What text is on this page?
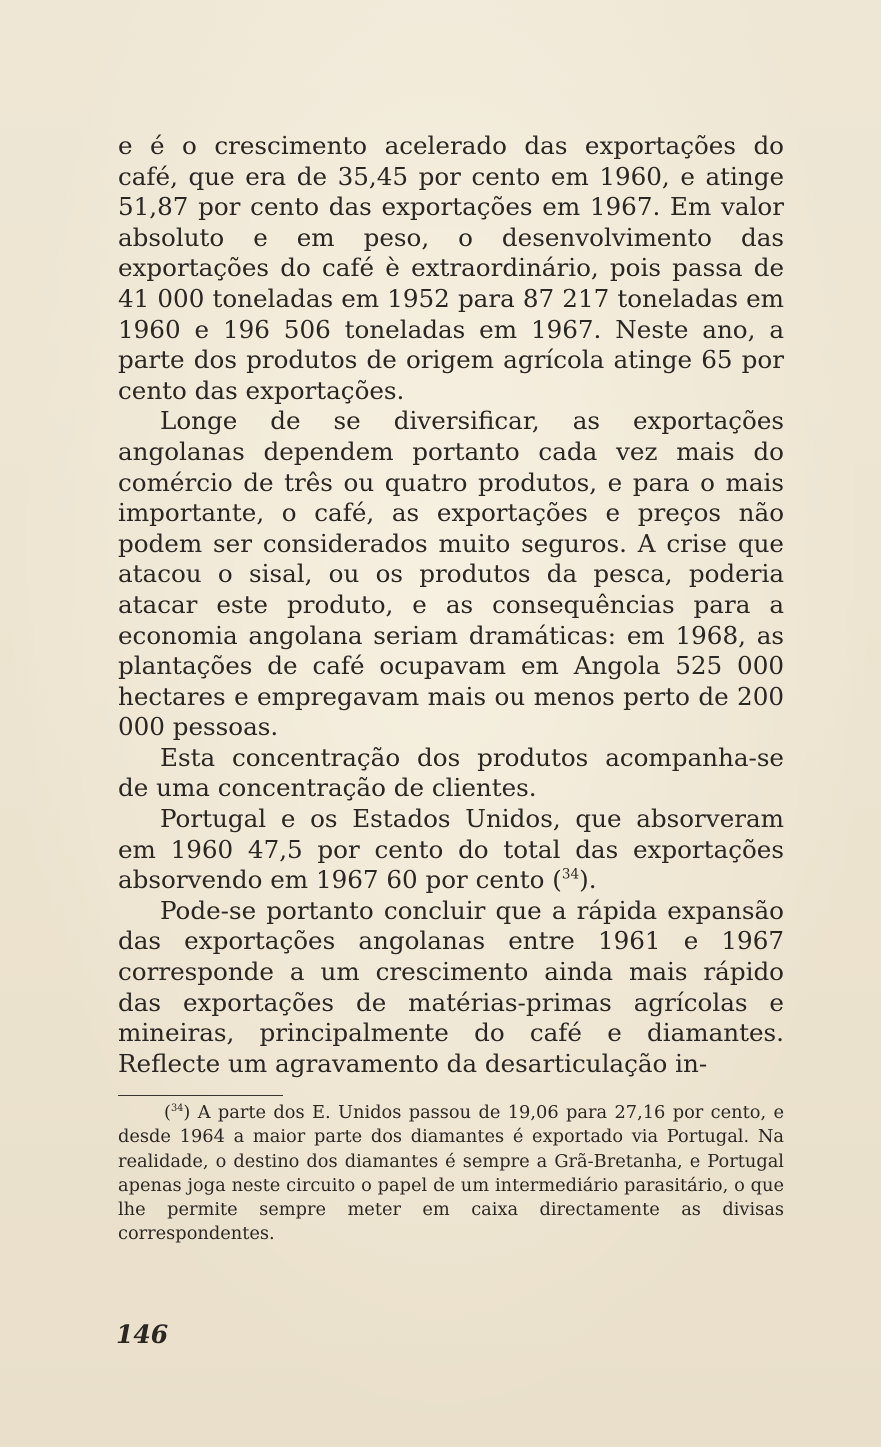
e é o crescimento acelerado das exportações do café, que era de 35,45 por cento em 1960, e atinge 51,87 por cento das exportações em 1967. Em valor absoluto e em peso, o desenvolvimento das exportações do café è extraordinário, pois passa de 41 000 toneladas em 1952 para 87 217 toneladas em 1960 e 196 506 toneladas em 1967. Neste ano, a parte dos produtos de origem agrícola atinge 65 por cento das exportações.

Longe de se diversificar, as exportações angolanas dependem portanto cada vez mais do comércio de três ou quatro produtos, e para o mais importante, o café, as exportações e preços não podem ser considerados muito seguros. A crise que atacou o sisal, ou os produtos da pesca, poderia atacar este produto, e as consequências para a economia angolana seriam dramáticas: em 1968, as plantações de café ocupavam em Angola 525 000 hectares e empregavam mais ou menos perto de 200 000 pessoas.

Esta concentração dos produtos acompanha-se de uma concentração de clientes.

Portugal e os Estados Unidos, que absorveram em 1960 47,5 por cento do total das exportações absorvendo em 1967 60 por cento ($^{34}$).

Pode-se portanto concluir que a rápida expansão das exportações angolanas entre 1961 e 1967 corresponde a um crescimento ainda mais rápido das exportações de matérias-primas agrícolas e mineiras, principalmente do café e diamantes. Reflecte um agravamento da desarticulação in-

($^{34}$) A parte dos E. Unidos passou de 19,06 para 27,16 por cento, e desde 1964 a maior parte dos diamantes é exportado via Portugal. Na realidade, o destino dos diamantes é sempre a Grã-Bretanha, e Portugal apenas joga neste circuito o papel de um intermediário parasitário, o que lhe permite sempre meter em caixa directamente as divisas correspondentes.

146
